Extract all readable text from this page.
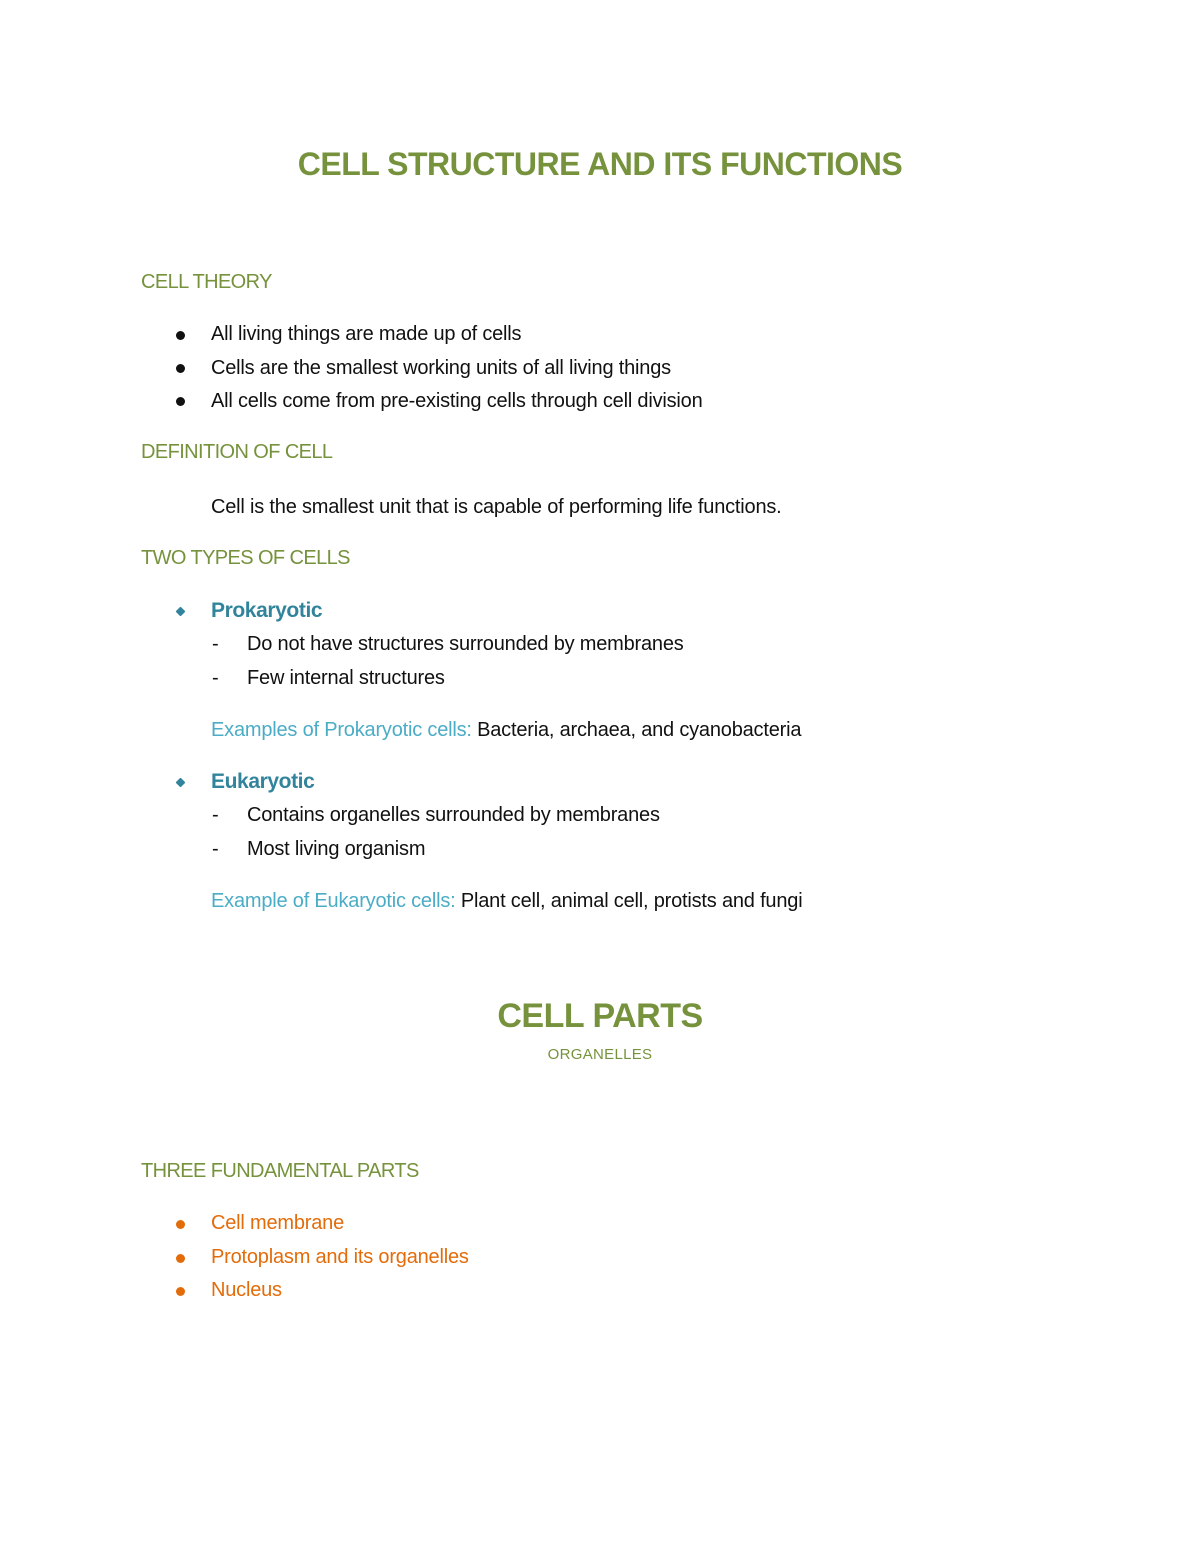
CELL STRUCTURE AND ITS FUNCTIONS
CELL THEORY
All living things are made up of cells
Cells are the smallest working units of all living things
All cells come from pre-existing cells through cell division
DEFINITION OF CELL
Cell is the smallest unit that is capable of performing life functions.
TWO TYPES OF CELLS
Prokaryotic
- Do not have structures surrounded by membranes
- Few internal structures
Examples of Prokaryotic cells: Bacteria, archaea, and cyanobacteria
Eukaryotic
- Contains organelles surrounded by membranes
- Most living organism
Example of Eukaryotic cells: Plant cell, animal cell, protists and fungi
CELL PARTS
ORGANELLES
THREE FUNDAMENTAL PARTS
Cell membrane
Protoplasm and its organelles
Nucleus
